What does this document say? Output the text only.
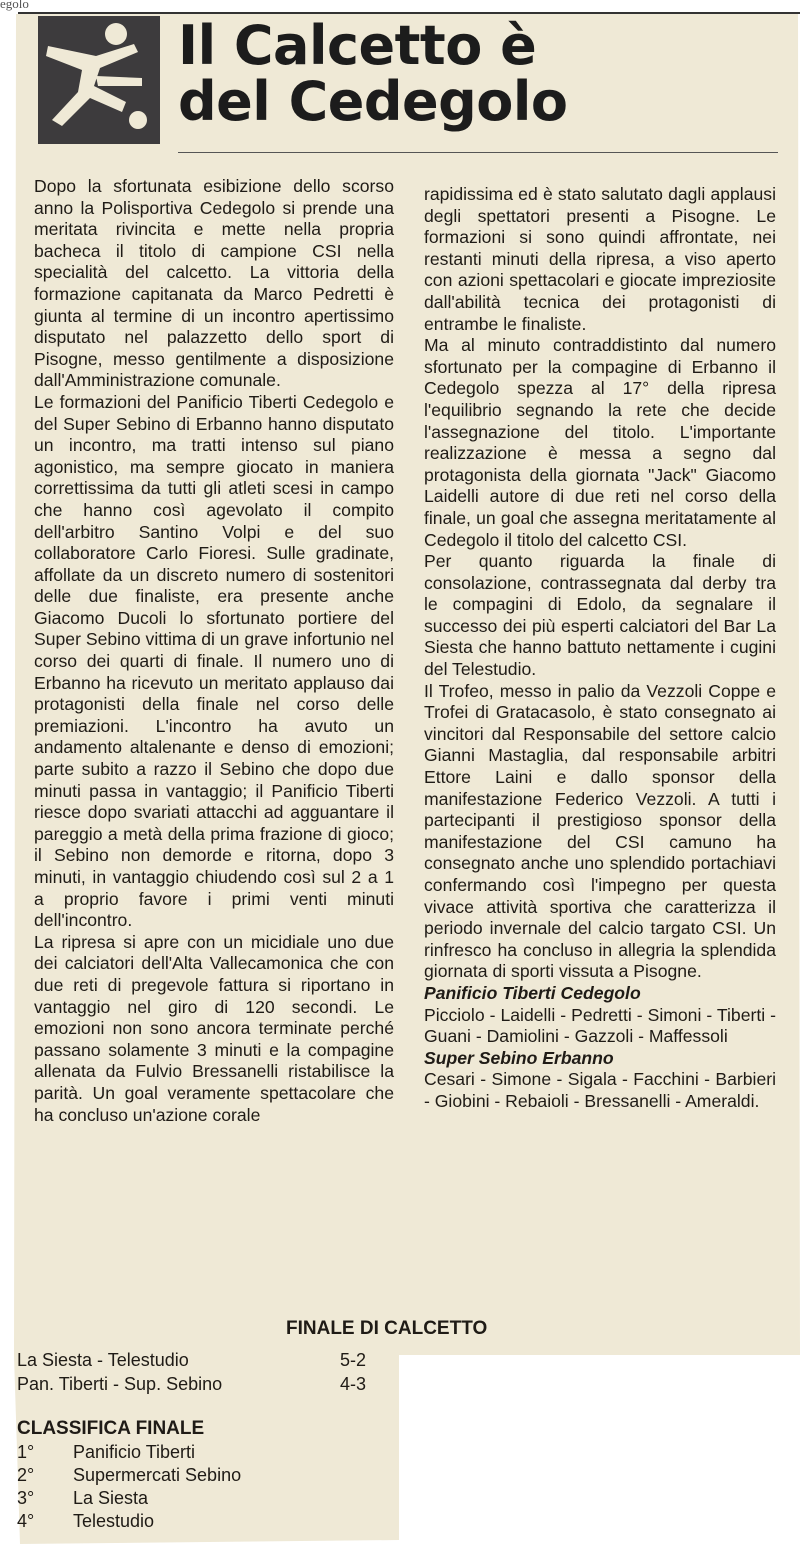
egolo
Il Calcetto è
del Cedegolo

Dopo la sfortunata esibizione dello scorso anno la Polisportiva Cedegolo si prende una meritata rivincita e mette nella propria bacheca il titolo di campione CSI nella specialità del calcetto. La vittoria della formazione capitanata da Marco Pedretti è giunta al termine di un incontro apertissimo disputato nel palazzetto dello sport di Pisogne, messo gentilmente a disposizione dall'Amministrazione comunale.

Le formazioni del Panificio Tiberti Cedegolo e del Super Sebino di Erbanno hanno disputato un incontro, ma tratti intenso sul piano agonistico, ma sempre giocato in maniera correttissima da tutti gli atleti scesi in campo che hanno così agevolato il compito dell'arbitro Santino Volpi e del suo collaboratore Carlo Fioresi. Sulle gradinate, affollate da un discreto numero di sostenitori delle due finaliste, era presente anche Giacomo Ducoli lo sfortunato portiere del Super Sebino vittima di un grave infortunio nel corso dei quarti di finale. Il numero uno di Erbanno ha ricevuto un meritato applauso dai protagonisti della finale nel corso delle premiazioni. L'incontro ha avuto un andamento altalenante e denso di emozioni; parte subito a razzo il Sebino che dopo due minuti passa in vantaggio; il Panificio Tiberti riesce dopo svariati attacchi ad agguantare il pareggio a metà della prima frazione di gioco; il Sebino non demorde e ritorna, dopo 3 minuti, in vantaggio chiudendo così sul 2 a 1 a proprio favore i primi venti minuti dell'incontro.

La ripresa si apre con un micidiale uno due dei calciatori dell'Alta Vallecamonica che con due reti di pregevole fattura si riportano in vantaggio nel giro di 120 secondi. Le emozioni non sono ancora terminate perché passano solamente 3 minuti e la compagine allenata da Fulvio Bressanelli ristabilisce la parità. Un goal veramente spettacolare che ha concluso un'azione corale

rapidissima ed è stato salutato dagli applausi degli spettatori presenti a Pisogne. Le formazioni si sono quindi affrontate, nei restanti minuti della ripresa, a viso aperto con azioni spettacolari e giocate impreziosite dall'abilità tecnica dei protagonisti di entrambe le finaliste.

Ma al minuto contraddistinto dal numero sfortunato per la compagine di Erbanno il Cedegolo spezza al 17° della ripresa l'equilibrio segnando la rete che decide l'assegnazione del titolo. L'importante realizzazione è messa a segno dal protagonista della giornata "Jack" Giacomo Laidelli autore di due reti nel corso della finale, un goal che assegna meritatamente al Cedegolo il titolo del calcetto CSI.

Per quanto riguarda la finale di consolazione, contrassegnata dal derby tra le compagini di Edolo, da segnalare il successo dei più esperti calciatori del Bar La Siesta che hanno battuto nettamente i cugini del Telestudio.

Il Trofeo, messo in palio da Vezzoli Coppe e Trofei di Gratacasolo, è stato consegnato ai vincitori dal Responsabile del settore calcio Gianni Mastaglia, dal responsabile arbitri Ettore Laini e dallo sponsor della manifestazione Federico Vezzoli. A tutti i partecipanti il prestigioso sponsor della manifestazione del CSI camuno ha consegnato anche uno splendido portachiavi confermando così l'impegno per questa vivace attività sportiva che caratterizza il periodo invernale del calcio targato CSI. Un rinfresco ha concluso in allegria la splendida giornata di sporti vissuta a Pisogne.

Panificio Tiberti Cedegolo

Picciolo - Laidelli - Pedretti - Simoni - Tiberti - Guani - Damiolini - Gazzoli - Maffessoli

Super Sebino Erbanno

Cesari - Simone - Sigala - Facchini - Barbieri - Giobini - Rebaioli - Bressanelli - Ameraldi.

FINALE DI CALCETTO
La Siesta - Telestudio	5-2
Pan. Tiberti - Sup. Sebino	4-3
CLASSIFICA FINALE
1° Panificio Tiberti
2° Supermercati Sebino
3° La Siesta
4° Telestudio
